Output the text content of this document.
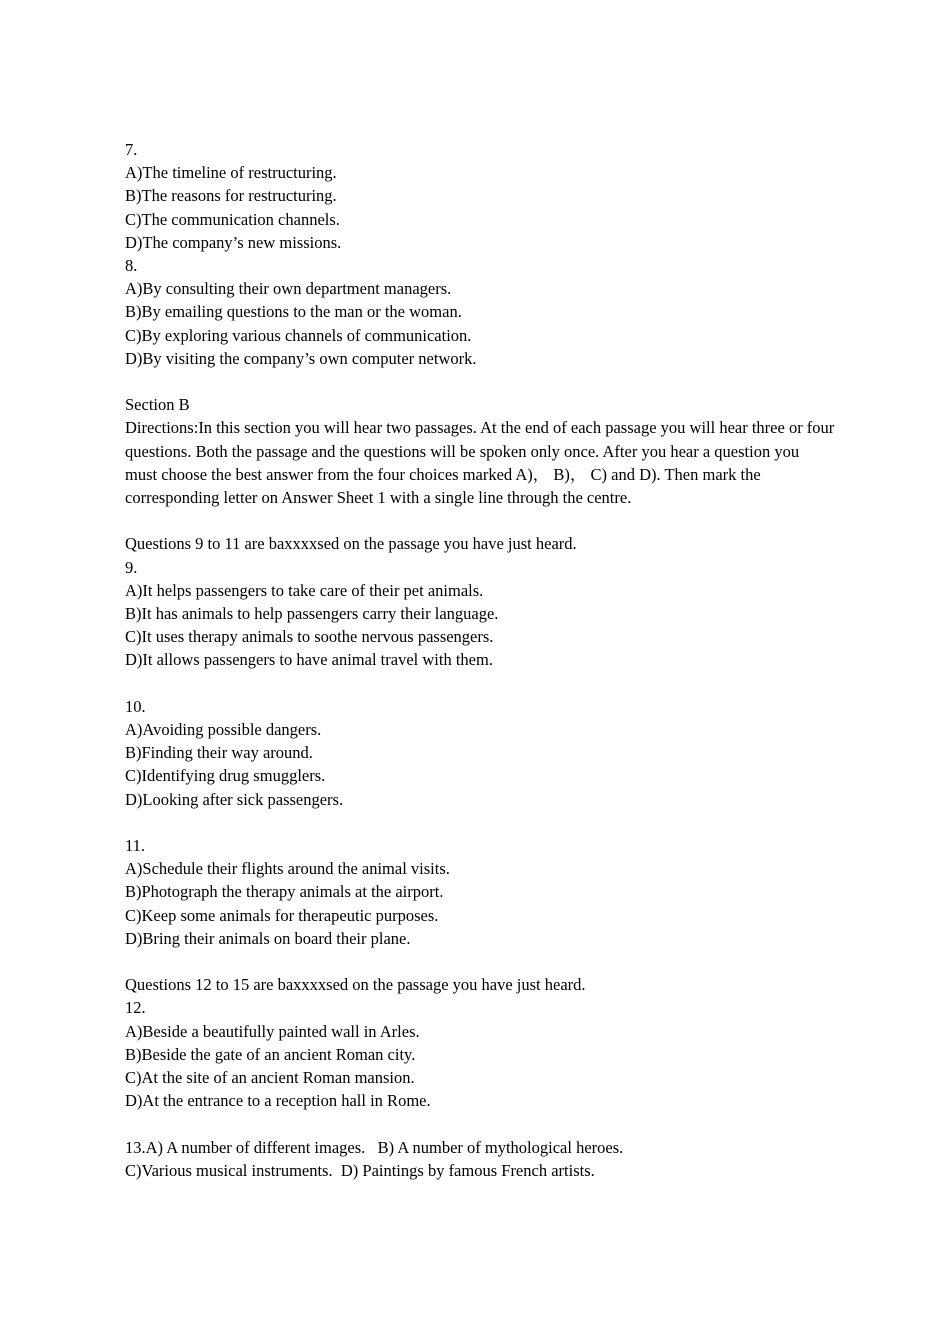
7.

A)The timeline of restructuring.

B)The reasons for restructuring.

C)The communication channels.

D)The company’s new missions.

8.

A)By consulting their own department managers.

B)By emailing questions to the man or the woman.

C)By exploring various channels of communication.

D)By visiting the company’s own computer network.

Section B

Directions:In this section you will hear two passages. At the end of each passage you will hear three or four questions. Both the passage and the questions will be spoken only once. After you hear a question you must choose the best answer from the four choices marked A)， B)， C) and D). Then mark the corresponding letter on Answer Sheet 1 with a single line through the centre.

Questions 9 to 11 are baxxxxsed on the passage you have just heard.

9.

A)It helps passengers to take care of their pet animals.

B)It has animals to help passengers carry their language.

C)It uses therapy animals to soothe nervous passengers.

D)It allows passengers to have animal travel with them.

10.

A)Avoiding possible dangers.

B)Finding their way around.

C)Identifying drug smugglers.

D)Looking after sick passengers.

11.

A)Schedule their flights around the animal visits.

B)Photograph the therapy animals at the airport.

C)Keep some animals for therapeutic purposes.

D)Bring their animals on board their plane.

Questions 12 to 15 are baxxxxsed on the passage you have just heard.

12.

A)Beside a beautifully painted wall in Arles.

B)Beside the gate of an ancient Roman city.

C)At the site of an ancient Roman mansion.

D)At the entrance to a reception hall in Rome.

13.A) A number of different images.   B) A number of mythological heroes.

C)Various musical instruments.  D) Paintings by famous French artists.
